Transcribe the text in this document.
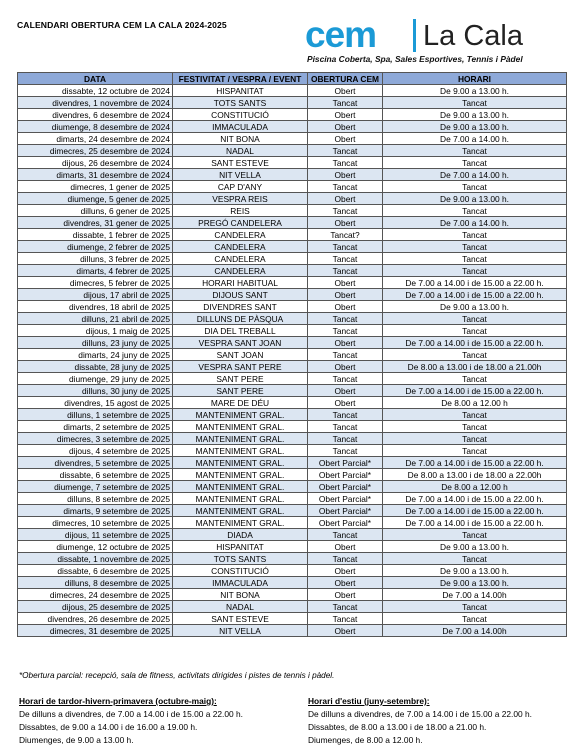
CALENDARI OBERTURA CEM LA CALA 2024-2025 cem La Cala
Piscina Coberta, Spa, Sales Esportives, Tennis i Pàdel
DATA	FESTIVITAT / VESPRA / EVENT	OBERTURA CEM	HORARI
dissabte, 12 octubre de 2024	HISPANITAT	Obert	De 9.00 a 13.00 h.
divendres, 1 novembre de 2024	TOTS SANTS	Tancat	Tancat
divendres, 6 desembre de 2024	CONSTITUCIÓ	Obert	De 9.00 a 13.00 h.
diumenge, 8 desembre de 2024	IMMACULADA	Obert	De 9.00 a 13.00 h.
dimarts, 24 desembre de 2024	NIT BONA	Obert	De 7.00 a 14.00 h.
dimecres, 25 desembre de 2024	NADAL	Tancat	Tancat
dijous, 26 desembre de 2024	SANT ESTEVE	Tancat	Tancat
dimarts, 31 desembre de 2024	NIT VELLA	Obert	De 7.00 a 14.00 h.
dimecres, 1 gener de 2025	CAP D'ANY	Tancat	Tancat
diumenge, 5 gener de 2025	VESPRA REIS	Obert	De 9.00 a 13.00 h.
dilluns, 6 gener de 2025	REIS	Tancat	Tancat
divendres, 31 gener de 2025	PREGÓ CANDELERA	Obert	De 7.00 a 14.00 h.
dissabte, 1 febrer de 2025	CANDELERA	Tancat?	Tancat
diumenge, 2 febrer de 2025	CANDELERA	Tancat	Tancat
dilluns, 3 febrer de 2025	CANDELERA	Tancat	Tancat
dimarts, 4 febrer de 2025	CANDELERA	Tancat	Tancat
dimecres, 5 febrer de 2025	HORARI HABITUAL	Obert	De 7.00 a 14.00 i de 15.00 a 22.00 h.
dijous, 17 abril de 2025	DIJOUS SANT	Obert	De 7.00 a 14.00 i de 15.00 a 22.00 h.
divendres, 18 abril de 2025	DIVENDRES SANT	Obert	De 9.00 a 13.00 h.
dilluns, 21 abril de 2025	DILLUNS DE PÀSQUA	Tancat	Tancat
dijous, 1 maig de 2025	DIA DEL TREBALL	Tancat	Tancat
dilluns, 23 juny de 2025	VESPRA SANT JOAN	Obert	De 7.00 a 14.00 i de 15.00 a 22.00 h.
dimarts, 24 juny de 2025	SANT JOAN	Tancat	Tancat
dissabte, 28 juny de 2025	VESPRA SANT PERE	Obert	De 8.00 a 13.00 i de 18.00 a 21.00h
diumenge, 29 juny de 2025	SANT PERE	Tancat	Tancat
dilluns, 30 juny de 2025	SANT PERE	Obert	De 7.00 a 14.00 i de 15.00 a 22.00 h.
divendres, 15 agost de 2025	MARE DE DÉU	Obert	De 8.00 a 12.00 h
dilluns, 1 setembre de 2025	MANTENIMENT GRAL.	Tancat	Tancat
dimarts, 2 setembre de 2025	MANTENIMENT GRAL.	Tancat	Tancat
dimecres, 3 setembre de 2025	MANTENIMENT GRAL.	Tancat	Tancat
dijous, 4 setembre de 2025	MANTENIMENT GRAL.	Tancat	Tancat
divendres, 5 setembre de 2025	MANTENIMENT GRAL.	Obert Parcial*	De 7.00 a 14.00 i de 15.00 a 22.00 h.
dissabte, 6 setembre de 2025	MANTENIMENT GRAL.	Obert Parcial*	De 8.00 a 13.00 i de 18.00 a 22.00h
diumenge, 7 setembre de 2025	MANTENIMENT GRAL.	Obert Parcial*	De 8.00 a 12.00 h
dilluns, 8 setembre de 2025	MANTENIMENT GRAL.	Obert Parcial*	De 7.00 a 14.00 i de 15.00 a 22.00 h.
dimarts, 9 setembre de 2025	MANTENIMENT GRAL.	Obert Parcial*	De 7.00 a 14.00 i de 15.00 a 22.00 h.
dimecres, 10 setembre de 2025	MANTENIMENT GRAL.	Obert Parcial*	De 7.00 a 14.00 i de 15.00 a 22.00 h.
dijous, 11 setembre de 2025	DIADA	Tancat	Tancat
diumenge, 12 octubre de 2025	HISPANITAT	Obert	De 9.00 a 13.00 h.
dissabte, 1 novembre de 2025	TOTS SANTS	Tancat	Tancat
dissabte, 6 desembre de 2025	CONSTITUCIÓ	Obert	De 9.00 a 13.00 h.
dilluns, 8 desembre de 2025	IMMACULADA	Obert	De 9.00 a 13.00 h.
dimecres, 24 desembre de 2025	NIT BONA	Obert	De 7.00 a 14.00h
dijous, 25 desembre de 2025	NADAL	Tancat	Tancat
divendres, 26 desembre de 2025	SANT ESTEVE	Tancat	Tancat
dimecres, 31 desembre de 2025	NIT VELLA	Obert	De 7.00 a 14.00h
*Obertura parcial: recepció, sala de fitness, activitats dirigides i pistes de tennis i pàdel.
Horari de tardor-hivern-primavera (octubre-maig):
De dilluns a divendres, de 7.00 a 14.00 i de 15.00 a 22.00 h.
Dissabtes, de 9.00 a 14.00 i de 16.00 a 19.00 h.
Diumenges, de 9.00 a 13.00 h.
Horari d'estiu (juny-setembre):
De dilluns a divendres, de 7.00 a 14.00 i de 15.00 a 22.00 h.
Dissabtes, de 8.00 a 13.00 i de 18.00 a 21.00 h.
Diumenges, de 8.00 a 12.00 h.
